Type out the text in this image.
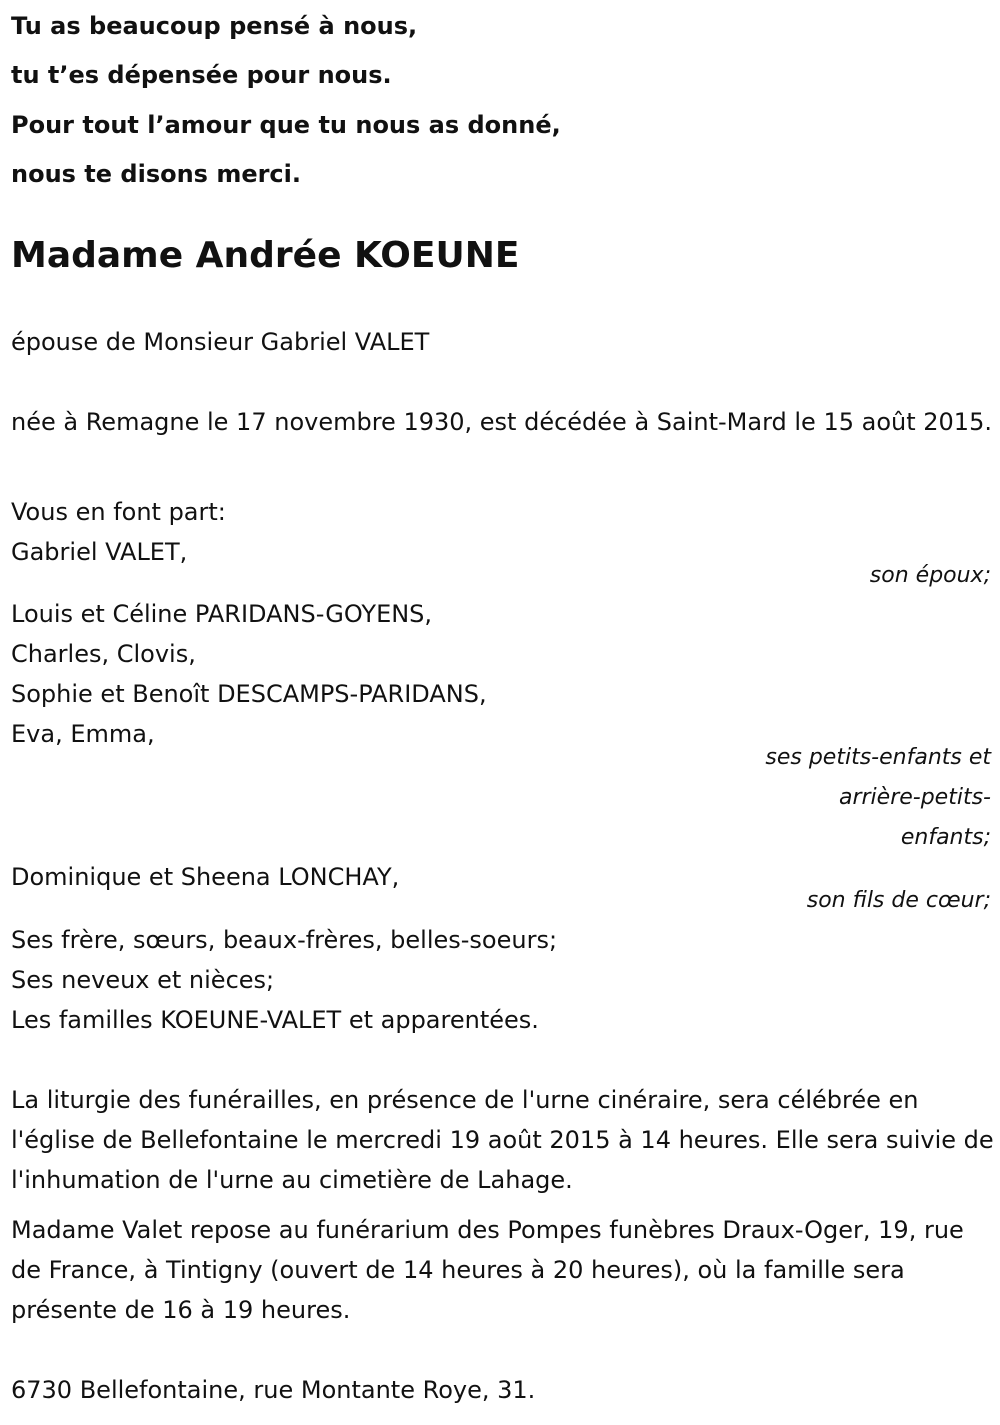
Tu as beaucoup pensé à nous,
tu t’es dépensée pour nous.
Pour tout l’amour que tu nous as donné,
nous te disons merci.
Madame Andrée KOEUNE
épouse de Monsieur Gabriel VALET
née à Remagne le 17 novembre 1930, est décédée à Saint-Mard le 15 août 2015.
Vous en font part:
Gabriel VALET,
son époux;
Louis et Céline PARIDANS-GOYENS,
Charles, Clovis,
Sophie et Benoît DESCAMPS-PARIDANS,
Eva, Emma,
ses petits-enfants et arrière-petits-enfants;
Dominique et Sheena LONCHAY,
son fils de cœur;
Ses frère, sœurs, beaux-frères, belles-soeurs;
Ses neveux et nièces;
Les familles KOEUNE-VALET et apparentées.
La liturgie des funérailles, en présence de l'urne cinéraire, sera célébrée en l'église de Bellefontaine le mercredi 19 août 2015 à 14 heures. Elle sera suivie de l'inhumation de l'urne au cimetière de Lahage.
Madame Valet repose au funérarium des Pompes funèbres Draux-Oger, 19, rue de France, à Tintigny (ouvert de 14 heures à 20 heures), où la famille sera présente de 16 à 19 heures.
6730 Bellefontaine, rue Montante Roye, 31.
